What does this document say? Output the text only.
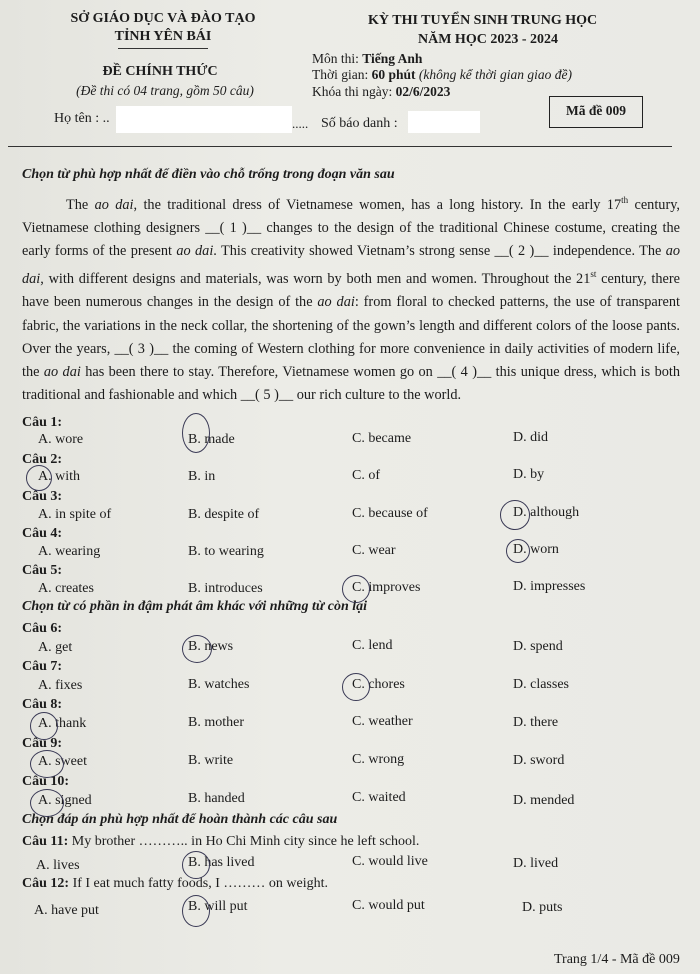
SỞ GIÁO DỤC VÀ ĐÀO TẠO
TỈNH YÊN BÁI
ĐỀ CHÍNH THỨC
(Đề thi có 04 trang, gồm 50 câu)
KỲ THI TUYỂN SINH TRUNG HỌC
NĂM HỌC 2023 - 2024
Môn thi: Tiếng Anh
Thời gian: 60 phút (không kể thời gian giao đề)
Khóa thi ngày: 02/6/2023
Họ tên : ..	..... Số báo danh :
Mã đề 009
Chọn từ phù hợp nhất để điền vào chỗ trống trong đoạn văn sau

The ao dai, the traditional dress of Vietnamese women, has a long history. In the early 17th century, Vietnamese clothing designers __( 1 )__ changes to the design of the traditional Chinese costume, creating the early forms of the present ao dai. This creativity showed Vietnam’s strong sense __( 2 )__ independence. The ao dai, with different designs and materials, was worn by both men and women. Throughout the 21st century, there have been numerous changes in the design of the ao dai: from floral to checked patterns, the use of transparent fabric, the variations in the neck collar, the shortening of the gown’s length and different colors of the loose pants. Over the years, __( 3 )__ the coming of Western clothing for more convenience in daily activities of modern life, the ao dai has been there to stay. Therefore, Vietnamese women go on __( 4 )__ this unique dress, which is both traditional and fashionable and which __( 5 )__ our rich culture to the world.

Câu 1:
A. wore	B. made	C. became	D. did
Câu 2:
A. with	B. in	C. of	D. by
Câu 3:
A. in spite of	B. despite of	C. because of	D. although
Câu 4:
A. wearing	B. to wearing	C. wear	D. worn
Câu 5:
A. creates	B. introduces	C. improves	D. impresses
Chọn từ có phần in đậm phát âm khác với những từ còn lại
Câu 6:
A. get	B. news	C. lend	D. spend
Câu 7:
A. fixes	B. watches	C. chores	D. classes
Câu 8:
A. thank	B. mother	C. weather	D. there
Câu 9:
A. sweet	B. write	C. wrong	D. sword
Câu 10:
A. signed	B. handed	C. waited	D. mended
Chọn đáp án phù hợp nhất để hoàn thành các câu sau
Câu 11: My brother ……….. in Ho Chi Minh city since he left school.
A. lives	B. has lived	C. would live	D. lived
Câu 12: If I eat much fatty foods, I ……… on weight.
A. have put	B. will put	C. would put	D. puts
Trang 1/4 - Mã đề 009
